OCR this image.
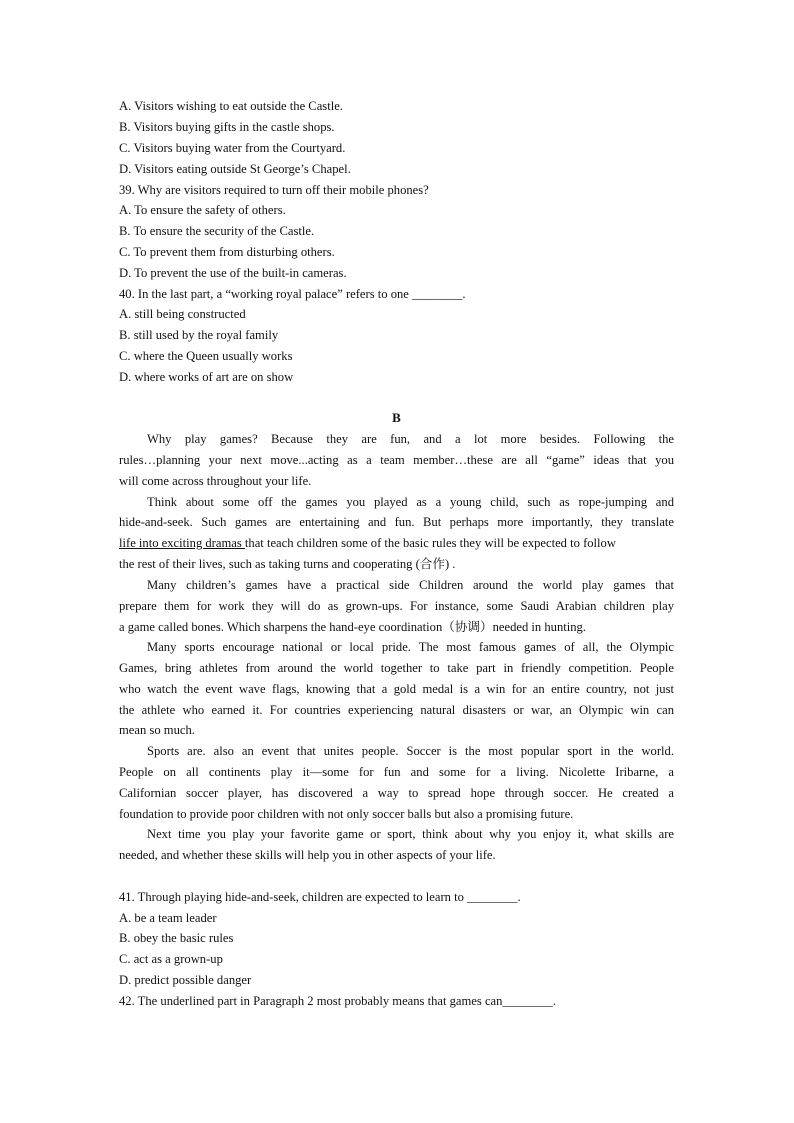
A. Visitors wishing to eat outside the Castle.

B. Visitors buying gifts in the castle shops.

C. Visitors buying water from the Courtyard.

D. Visitors eating outside St George’s Chapel.

39. Why are visitors required to turn off their mobile phones?

A. To ensure the safety of others.

B. To ensure the security of the Castle.

C. To prevent them from disturbing others.

D. To prevent the use of the built-in cameras.

40. In the last part, a “working royal palace” refers to one ________.

A. still being constructed

B. still used by the royal family

C. where the Queen usually works

D. where works of art are on show

B

Why play games? Because they are fun, and a lot more besides. Following the

rules…planning your next move...acting as a team member…these are all “game” ideas that you

will come across throughout your life.

Think about some off the games you played as a young child, such as rope-jumping and

hide-and-seek. Such games are entertaining and fun. But perhaps more importantly, they translate

life into exciting dramas that teach children some of the basic rules they will be expected to follow

the rest of their lives, such as taking turns and cooperating (合作) .

Many children’s games have a practical side Children around the world play games that

prepare them for work they will do as grown-ups. For instance, some Saudi Arabian children play

a game called bones. Which sharpens the hand-eye coordination（协调）needed in hunting.

Many sports encourage national or local pride. The most famous games of all, the Olympic

Games, bring athletes from around the world together to take part in friendly competition. People

who watch the event wave flags, knowing that a gold medal is a win for an entire country, not just

the athlete who earned it. For countries experiencing natural disasters or war, an Olympic win can

mean so much.

Sports are. also an event that unites people. Soccer is the most popular sport in the world.

People on all continents play it—some for fun and some for a living. Nicolette Iribarne, a

Californian soccer player, has discovered a way to spread hope through soccer. He created a

foundation to provide poor children with not only soccer balls but also a promising future.

Next time you play your favorite game or sport, think about why you enjoy it, what skills are

needed, and whether these skills will help you in other aspects of your life.

41. Through playing hide-and-seek, children are expected to learn to ________.

A. be a team leader

B. obey the basic rules

C. act as a grown-up

D. predict possible danger

42. The underlined part in Paragraph 2 most probably means that games can________.
